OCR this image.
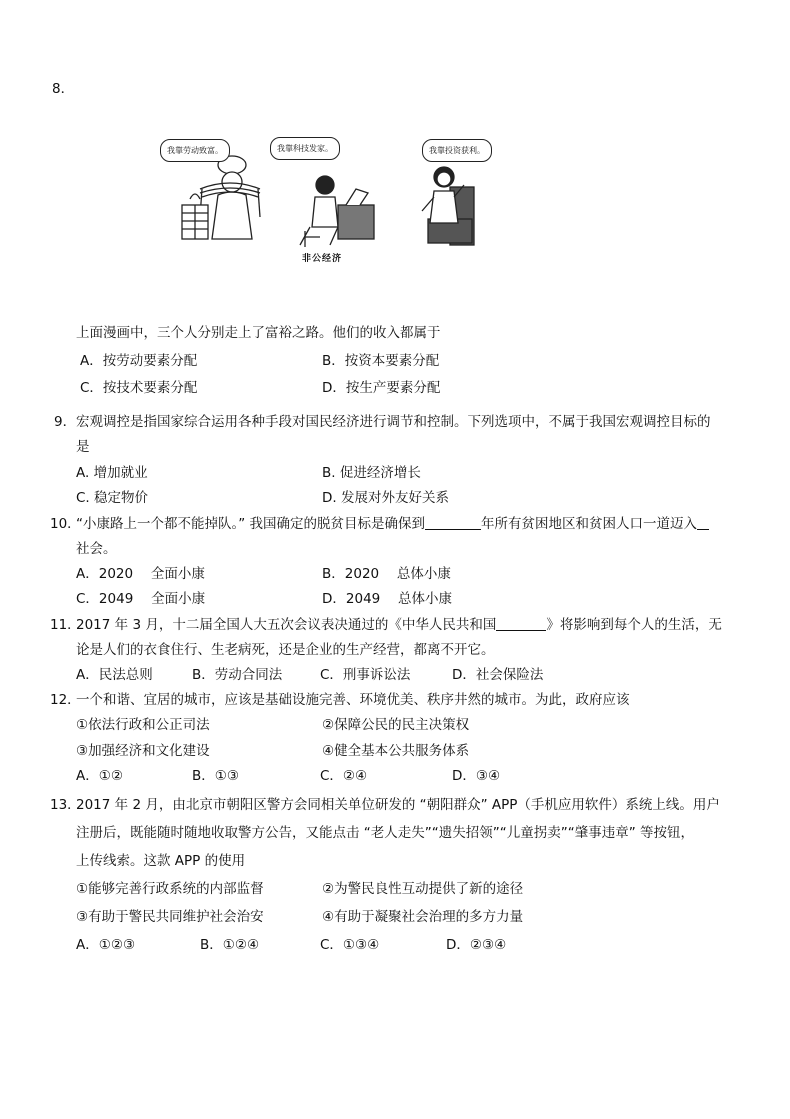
8．
我靠劳动致富。	我靠科技发家。	我靠投资获利。
非公经济
上面漫画中，三个人分别走上了富裕之路。他们的收入都属于
A．按劳动要素分配	B．按资本要素分配
C．按技术要素分配	D．按生产要素分配
9． 宏观调控是指国家综合运用各种手段对国民经济进行调节和控制。下列选项中，不属于我国宏观调控目标的
是
A. 增加就业	B. 促进经济增长
C. 稳定物价	D. 发展对外友好关系
10．
“小康路上一个都不能掉队。” 我国确定的脱贫目标是确保到	年所有贫困地区和贫困人口一道迈入
社会。
A．2020　 全面小康	B．2020　 总体小康
C．2049　 全面小康	D．2049　 总体小康
11．
2017 年 3 月，十二届全国人大五次会议表决通过的《中华人民共和国	》将影响到每个人的生活，无
论是人们的衣食住行、生老病死，还是企业的生产经营，都离不开它。
A．民法总则	B．劳动合同法	C．刑事诉讼法	D．社会保险法
12．
一个和谐、宜居的城市，应该是基础设施完善、环境优美、秩序井然的城市。为此，政府应该
①依法行政和公正司法	②保障公民的民主决策权
③加强经济和文化建设	④健全基本公共服务体系
A．①②	B．①③	C．②④	D．③④
13．
2017 年 2 月，由北京市朝阳区警方会同相关单位研发的 “朝阳群众” APP（手机应用软件）系统上线。用户
注册后，既能随时随地收取警方公告，又能点击 “老人走失”“遗失招领”“儿童拐卖”“肇事违章” 等按钮，
上传线索。这款 APP 的使用
①能够完善行政系统的内部监督	②为警民良性互动提供了新的途径
③有助于警民共同维护社会治安	④有助于凝聚社会治理的多方力量
A．①②③	B．①②④	C．①③④	D．②③④
